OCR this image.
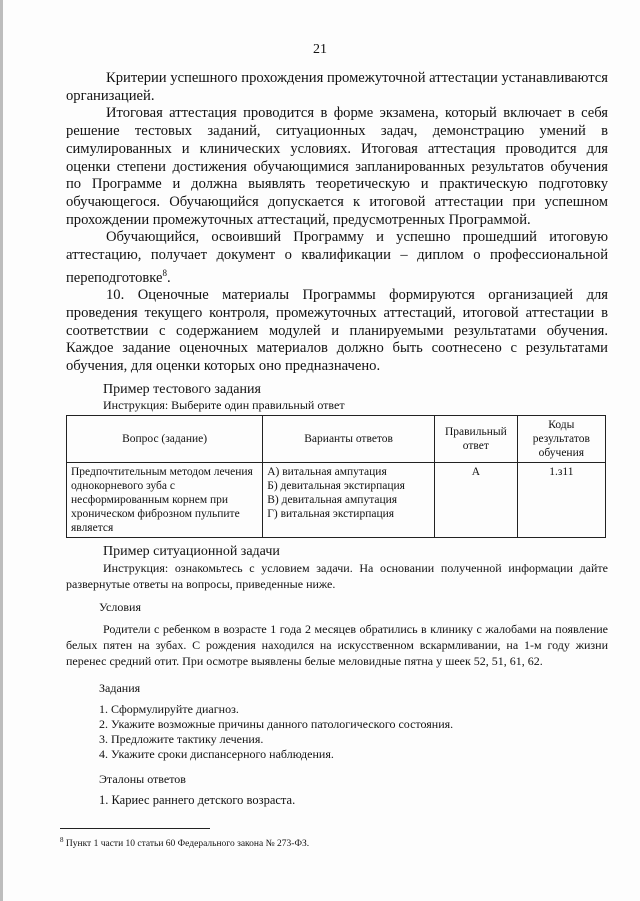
21

Критерии успешного прохождения промежуточной аттестации устанавливаются организацией.

Итоговая аттестация проводится в форме экзамена, который включает в себя решение тестовых заданий, ситуационных задач, демонстрацию умений в симулированных и клинических условиях. Итоговая аттестация проводится для оценки степени достижения обучающимися запланированных результатов обучения по Программе и должна выявлять теоретическую и практическую подготовку обучающегося. Обучающийся допускается к итоговой аттестации при успешном прохождении промежуточных аттестаций, предусмотренных Программой.

Обучающийся, освоивший Программу и успешно прошедший итоговую аттестацию, получает документ о квалификации – диплом о профессиональной переподготовке$^8$.

10. Оценочные материалы Программы формируются организацией для проведения текущего контроля, промежуточных аттестаций, итоговой аттестации в соответствии с содержанием модулей и планируемыми результатами обучения. Каждое задание оценочных материалов должно быть соотнесено с результатами обучения, для оценки которых оно предназначено.

Пример тестового задания
Инструкция: Выберите один правильный ответ
Вопрос (задание)	Варианты ответов	Правильный ответ	Коды результатов обучения
Предпочтительным методом лечения однокорневого зуба с несформированным корнем при хроническом фиброзном пульпите является	А) витальная ампутация
Б) девитальная экстирпация
В) девитальная ампутация
Г) витальная экстирпация	А	1.з11
Пример ситуационной задачи

Инструкция: ознакомьтесь с условием задачи. На основании полученной информации дайте развернутые ответы на вопросы, приведенные ниже.

Условия

Родители с ребенком в возрасте 1 года 2 месяцев обратились в клинику с жалобами на появление белых пятен на зубах. С рождения находился на искусственном вскармливании, на 1-м году жизни перенес средний отит. При осмотре выявлены белые меловидные пятна у шеек 52, 51, 61, 62.

Задания
1. Сформулируйте диагноз.
2. Укажите возможные причины данного патологического состояния.
3. Предложите тактику лечения.
4. Укажите сроки диспансерного наблюдения.
Эталоны ответов
1. Кариес раннего детского возраста.
$^8$ Пункт 1 части 10 статьи 60 Федерального закона № 273-ФЗ.
